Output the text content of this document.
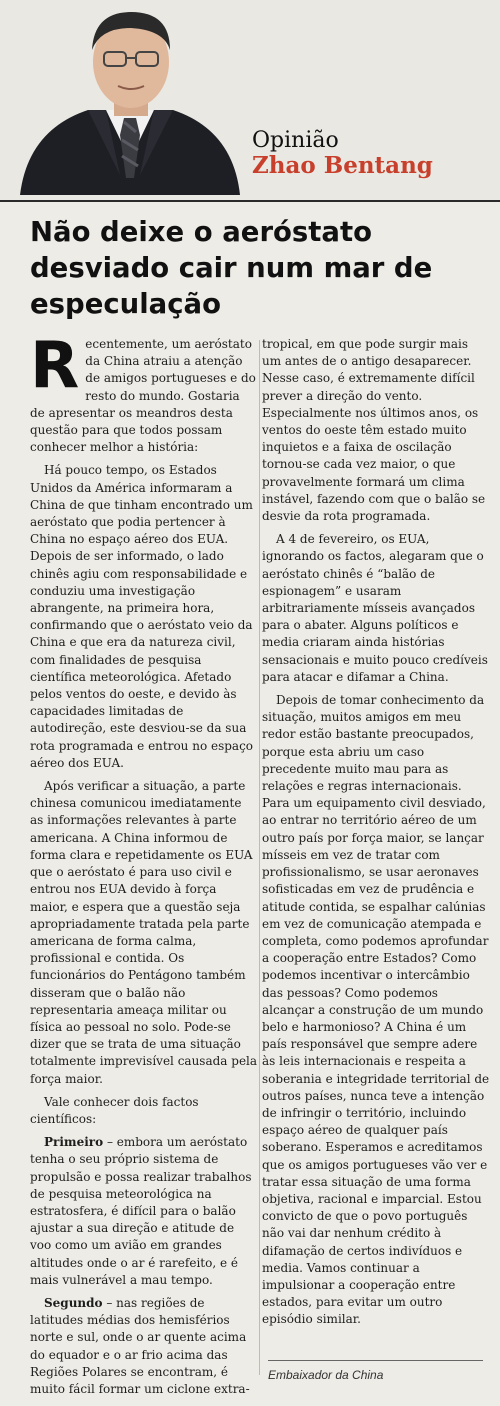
Opinião
Zhao Bentang
Não deixe o aeróstato desviado cair num mar de especulação

Recentemente, um aeróstato da China atraiu a atenção de amigos portugueses e do resto do mundo. Gostaria de apresentar os meandros desta questão para que todos possam conhecer melhor a história:

Há pouco tempo, os Estados Unidos da América informaram a China de que tinham encontrado um aeróstato que podia pertencer à China no espaço aéreo dos EUA. Depois de ser informado, o lado chinês agiu com responsabilidade e conduziu uma investigação abrangente, na primeira hora, confirmando que o aeróstato veio da China e que era da natureza civil, com finalidades de pesquisa científica meteorológica. Afetado pelos ventos do oeste, e devido às capacidades limitadas de autodireção, este desviou-se da sua rota programada e entrou no espaço aéreo dos EUA.

Após verificar a situação, a parte chinesa comunicou imediatamente as informações relevantes à parte americana. A China informou de forma clara e repetidamente os EUA que o aeróstato é para uso civil e entrou nos EUA devido à força maior, e espera que a questão seja apropriadamente tratada pela parte americana de forma calma, profissional e contida. Os funcionários do Pentágono também disseram que o balão não representaria ameaça militar ou física ao pessoal no solo. Pode-se dizer que se trata de uma situação totalmente imprevisível causada pela força maior.

Vale conhecer dois factos científicos:

Primeiro – embora um aeróstato tenha o seu próprio sistema de propulsão e possa realizar trabalhos de pesquisa meteorológica na estratosfera, é difícil para o balão ajustar a sua direção e atitude de voo como um avião em grandes altitudes onde o ar é rarefeito, e é mais vulnerável a mau tempo.

Segundo – nas regiões de latitudes médias dos hemisférios norte e sul, onde o ar quente acima do equador e o ar frio acima das Regiões Polares se encontram, é muito fácil formar um ciclone extra-

tropical, em que pode surgir mais um antes de o antigo desaparecer. Nesse caso, é extremamente difícil prever a direção do vento. Especialmente nos últimos anos, os ventos do oeste têm estado muito inquietos e a faixa de oscilação tornou-se cada vez maior, o que provavelmente formará um clima instável, fazendo com que o balão se desvie da rota programada.

A 4 de fevereiro, os EUA, ignorando os factos, alegaram que o aeróstato chinês é “balão de espionagem” e usaram arbitrariamente mísseis avançados para o abater. Alguns políticos e media criaram ainda histórias sensacionais e muito pouco credíveis para atacar e difamar a China.

Depois de tomar conhecimento da situação, muitos amigos em meu redor estão bastante preocupados, porque esta abriu um caso precedente muito mau para as relações e regras internacionais. Para um equipamento civil desviado, ao entrar no território aéreo de um outro país por força maior, se lançar mísseis em vez de tratar com profissionalismo, se usar aeronaves sofisticadas em vez de prudência e atitude contida, se espalhar calúnias em vez de comunicação atempada e completa, como podemos aprofundar a cooperação entre Estados? Como podemos incentivar o intercâmbio das pessoas? Como podemos alcançar a construção de um mundo belo e harmonioso? A China é um país responsável que sempre adere às leis internacionais e respeita a soberania e integridade territorial de outros países, nunca teve a intenção de infringir o território, incluindo espaço aéreo de qualquer país soberano. Esperamos e acreditamos que os amigos portugueses vão ver e tratar essa situação de uma forma objetiva, racional e imparcial. Estou convicto de que o povo português não vai dar nenhum crédito à difamação de certos indivíduos e media. Vamos continuar a impulsionar a cooperação entre estados, para evitar um outro episódio similar.

Embaixador da China
